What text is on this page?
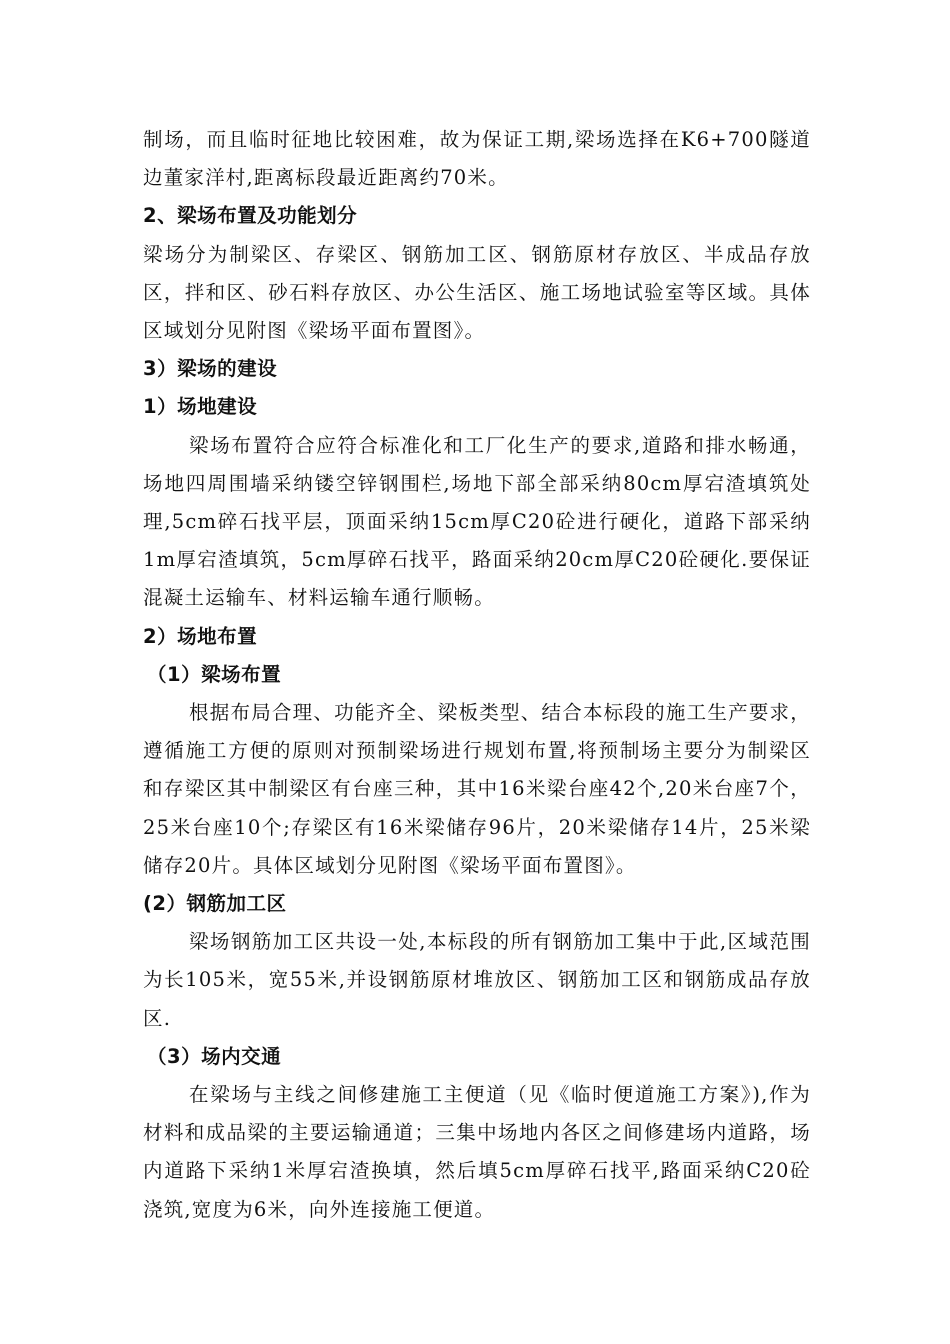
制场，而且临时征地比较困难，故为保证工期,梁场选择在K6+700隧道边董家洋村,距离标段最近距离约70米。

2、梁场布置及功能划分

梁场分为制梁区、存梁区、钢筋加工区、钢筋原材存放区、半成品存放区，拌和区、砂石料存放区、办公生活区、施工场地试验室等区域。具体区域划分见附图《梁场平面布置图》。

3）梁场的建设

1）场地建设

梁场布置符合应符合标准化和工厂化生产的要求,道路和排水畅通，场地四周围墙采纳镂空锌钢围栏,场地下部全部采纳80cm厚宕渣填筑处理,5cm碎石找平层，顶面采纳15cm厚C20砼进行硬化，道路下部采纳1m厚宕渣填筑，5cm厚碎石找平，路面采纳20cm厚C20砼硬化.要保证混凝土运输车、材料运输车通行顺畅。

2）场地布置

（1）梁场布置

根据布局合理、功能齐全、梁板类型、结合本标段的施工生产要求，遵循施工方便的原则对预制梁场进行规划布置,将预制场主要分为制梁区和存梁区其中制梁区有台座三种，其中16米梁台座42个,20米台座7个，25米台座10个;存梁区有16米梁储存96片，20米梁储存14片，25米梁储存20片。具体区域划分见附图《梁场平面布置图》。

(2）钢筋加工区

梁场钢筋加工区共设一处,本标段的所有钢筋加工集中于此,区域范围为长105米，宽55米,并设钢筋原材堆放区、钢筋加工区和钢筋成品存放区.

（3）场内交通

在梁场与主线之间修建施工主便道（见《临时便道施工方案》),作为材料和成品梁的主要运输通道；三集中场地内各区之间修建场内道路，场内道路下采纳1米厚宕渣换填，然后填5cm厚碎石找平,路面采纳C20砼浇筑,宽度为6米，向外连接施工便道。
